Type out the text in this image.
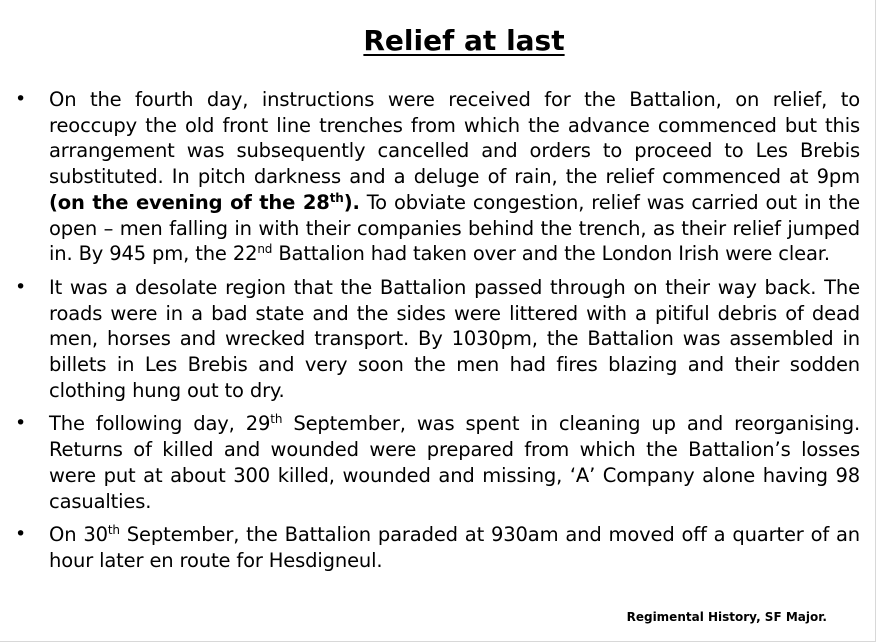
Relief at last
• On the fourth day, instructions were received for the Battalion, on relief, to reoccupy the old front line trenches from which the advance commenced but this arrangement was subsequently cancelled and orders to proceed to Les Brebis substituted. In pitch darkness and a deluge of rain, the relief commenced at 9pm (on the evening of the 28th). To obviate congestion, relief was carried out in the open – men falling in with their companies behind the trench, as their relief jumped in. By 945 pm, the 22nd Battalion had taken over and the London Irish were clear.
• It was a desolate region that the Battalion passed through on their way back. The roads were in a bad state and the sides were littered with a pitiful debris of dead men, horses and wrecked transport. By 1030pm, the Battalion was assembled in billets in Les Brebis and very soon the men had fires blazing and their sodden clothing hung out to dry.
• The following day, 29th September, was spent in cleaning up and reorganising. Returns of killed and wounded were prepared from which the Battalion’s losses were put at about 300 killed, wounded and missing, ‘A’ Company alone having 98 casualties.
• On 30th September, the Battalion paraded at 930am and moved off a quarter of an hour later en route for Hesdigneul.
Regimental History, SF Major.
